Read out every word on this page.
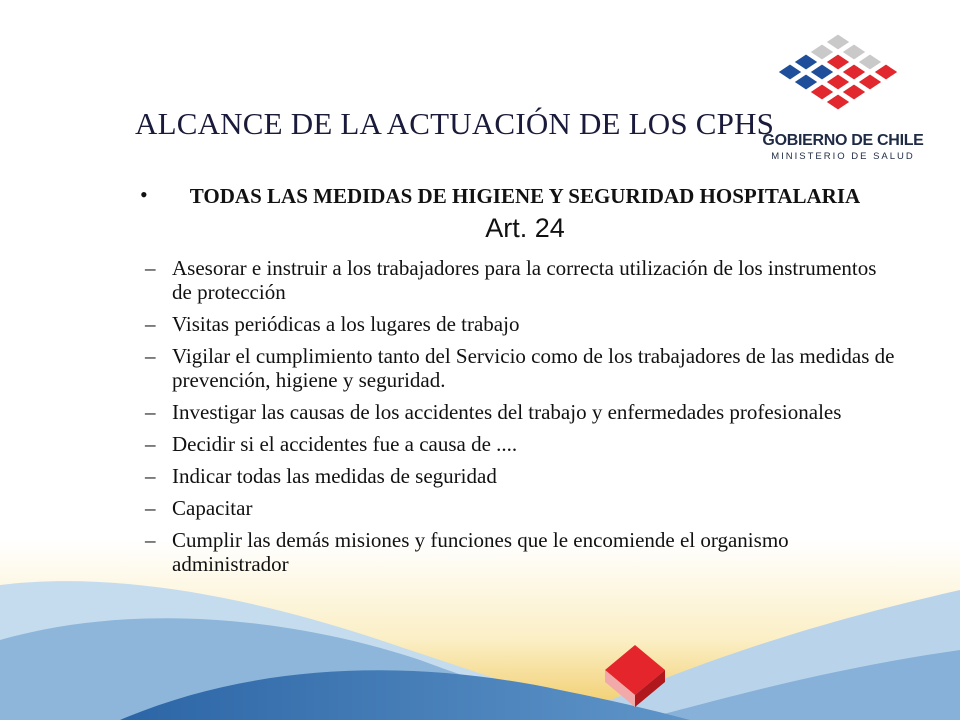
GOBIERNO DE CHILE
MINISTERIO DE SALUD
ALCANCE DE LA ACTUACIÓN DE LOS CPHS
•	TODAS LAS MEDIDAS DE HIGIENE Y SEGURIDAD HOSPITALARIA Art. 24
– Asesorar e instruir a los trabajadores para la correcta utilización de los instrumentos de protección
– Visitas periódicas a los lugares de trabajo
– Vigilar el cumplimiento tanto del Servicio como de los trabajadores de las medidas de prevención, higiene y seguridad.
– Investigar las causas de los accidentes del trabajo y enfermedades profesionales
– Decidir si el accidentes fue a causa de ....
– Indicar todas las medidas de seguridad
– Capacitar
– Cumplir las demás misiones y funciones que le encomiende el organismo administrador
